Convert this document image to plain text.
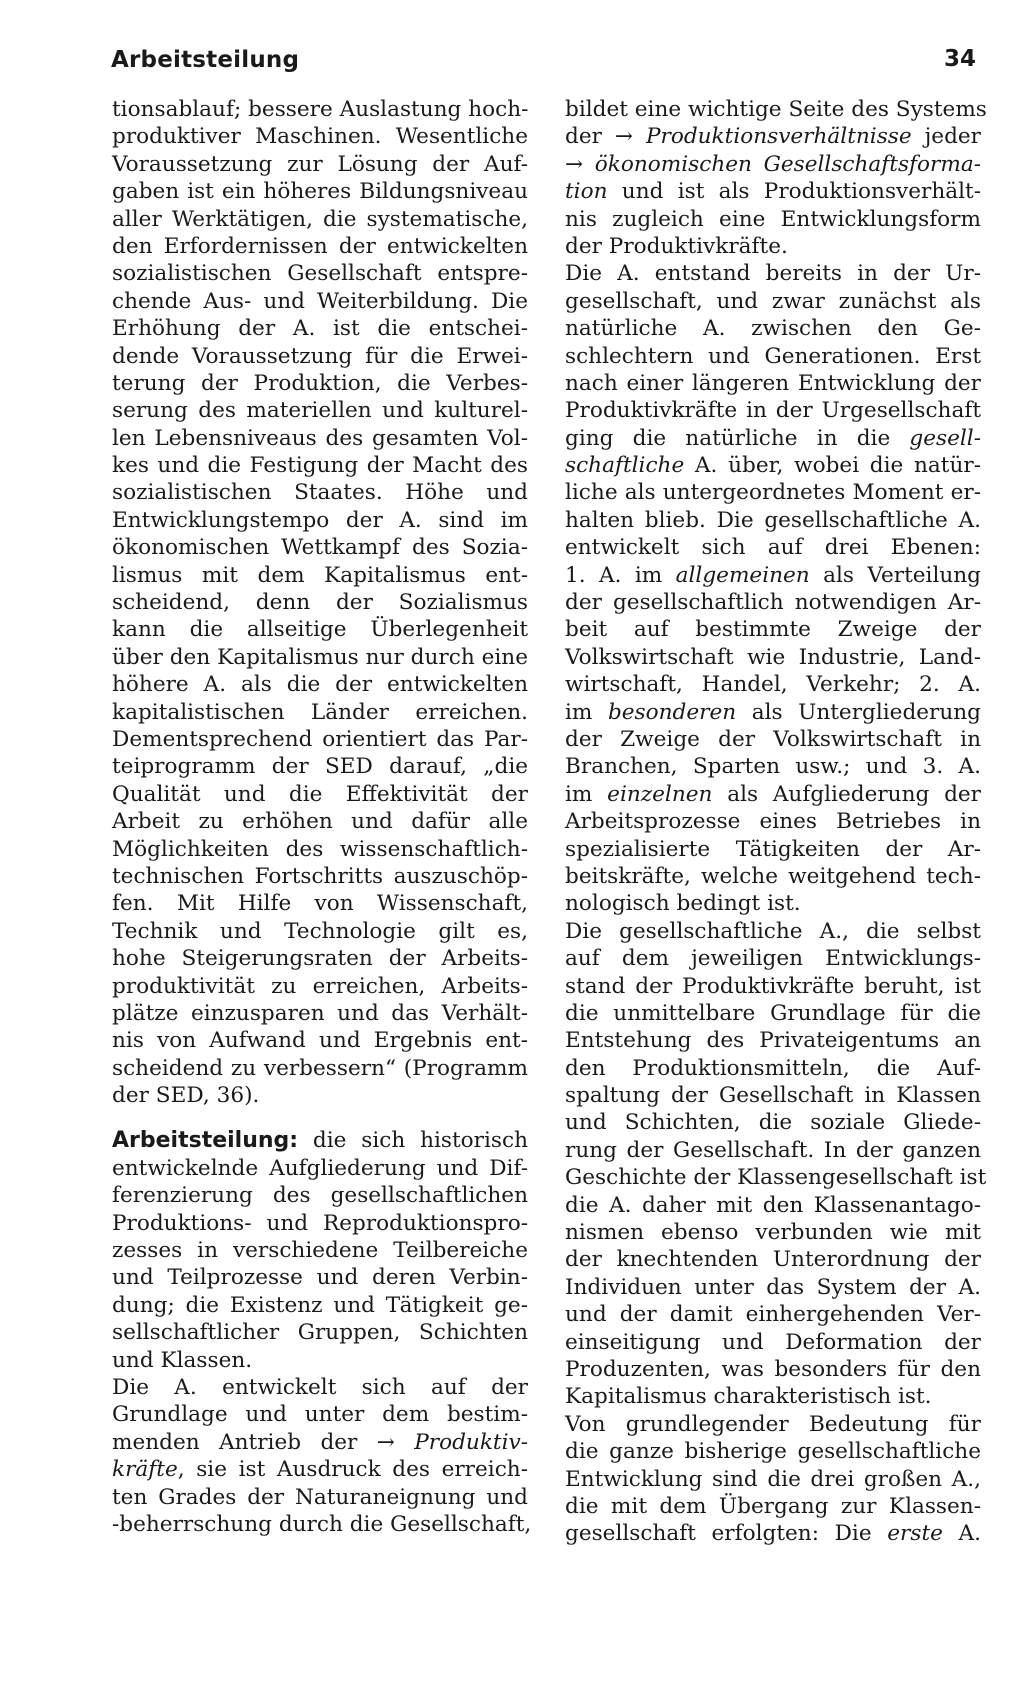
Arbeitsteilung	34
tionsablauf; bessere Auslastung hoch-
produktiver Maschinen. Wesentliche
Voraussetzung zur Lösung der Auf-
gaben ist ein höheres Bildungsniveau
aller Werktätigen, die systematische,
den Erfordernissen der entwickelten
sozialistischen Gesellschaft entspre-
chende Aus- und Weiterbildung. Die
Erhöhung der A. ist die entschei-
dende Voraussetzung für die Erwei-
terung der Produktion, die Verbes-
serung des materiellen und kulturel-
len Lebensniveaus des gesamten Vol-
kes und die Festigung der Macht des
sozialistischen Staates. Höhe und
Entwicklungstempo der A. sind im
ökonomischen Wettkampf des Sozia-
lismus mit dem Kapitalismus ent-
scheidend, denn der Sozialismus
kann die allseitige Überlegenheit
über den Kapitalismus nur durch eine
höhere A. als die der entwickelten
kapitalistischen Länder erreichen.
Dementsprechend orientiert das Par-
teiprogramm der SED darauf, „die
Qualität und die Effektivität der
Arbeit zu erhöhen und dafür alle
Möglichkeiten des wissenschaftlich-
technischen Fortschritts auszuschöp-
fen. Mit Hilfe von Wissenschaft,
Technik und Technologie gilt es,
hohe Steigerungsraten der Arbeits-
produktivität zu erreichen, Arbeits-
plätze einzusparen und das Verhält-
nis von Aufwand und Ergebnis ent-
scheidend zu verbessern“ (Programm
der SED, 36).
Arbeitsteilung: die sich historisch
entwickelnde Aufgliederung und Dif-
ferenzierung des gesellschaftlichen
Produktions- und Reproduktionspro-
zesses in verschiedene Teilbereiche
und Teilprozesse und deren Verbin-
dung; die Existenz und Tätigkeit ge-
sellschaftlicher Gruppen, Schichten
und Klassen.
Die A. entwickelt sich auf der
Grundlage und unter dem bestim-
menden Antrieb der → Produktiv-
kräfte, sie ist Ausdruck des erreich-
ten Grades der Naturaneignung und
-beherrschung durch die Gesellschaft,
bildet eine wichtige Seite des Systems
der → Produktionsverhältnisse jeder
→ ökonomischen Gesellschaftsforma-
tion und ist als Produktionsverhält-
nis zugleich eine Entwicklungsform
der Produktivkräfte.
Die A. entstand bereits in der Ur-
gesellschaft, und zwar zunächst als
natürliche A. zwischen den Ge-
schlechtern und Generationen. Erst
nach einer längeren Entwicklung der
Produktivkräfte in der Urgesellschaft
ging die natürliche in die gesell-
schaftliche A. über, wobei die natür-
liche als untergeordnetes Moment er-
halten blieb. Die gesellschaftliche A.
entwickelt sich auf drei Ebenen:
1. A. im allgemeinen als Verteilung
der gesellschaftlich notwendigen Ar-
beit auf bestimmte Zweige der
Volkswirtschaft wie Industrie, Land-
wirtschaft, Handel, Verkehr; 2. A.
im besonderen als Untergliederung
der Zweige der Volkswirtschaft in
Branchen, Sparten usw.; und 3. A.
im einzelnen als Aufgliederung der
Arbeitsprozesse eines Betriebes in
spezialisierte Tätigkeiten der Ar-
beitskräfte, welche weitgehend tech-
nologisch bedingt ist.
Die gesellschaftliche A., die selbst
auf dem jeweiligen Entwicklungs-
stand der Produktivkräfte beruht, ist
die unmittelbare Grundlage für die
Entstehung des Privateigentums an
den Produktionsmitteln, die Auf-
spaltung der Gesellschaft in Klassen
und Schichten, die soziale Gliede-
rung der Gesellschaft. In der ganzen
Geschichte der Klassengesellschaft ist
die A. daher mit den Klassenantago-
nismen ebenso verbunden wie mit
der knechtenden Unterordnung der
Individuen unter das System der A.
und der damit einhergehenden Ver-
einseitigung und Deformation der
Produzenten, was besonders für den
Kapitalismus charakteristisch ist.
Von grundlegender Bedeutung für
die ganze bisherige gesellschaftliche
Entwicklung sind die drei großen A.,
die mit dem Übergang zur Klassen-
gesellschaft erfolgten: Die erste A.
